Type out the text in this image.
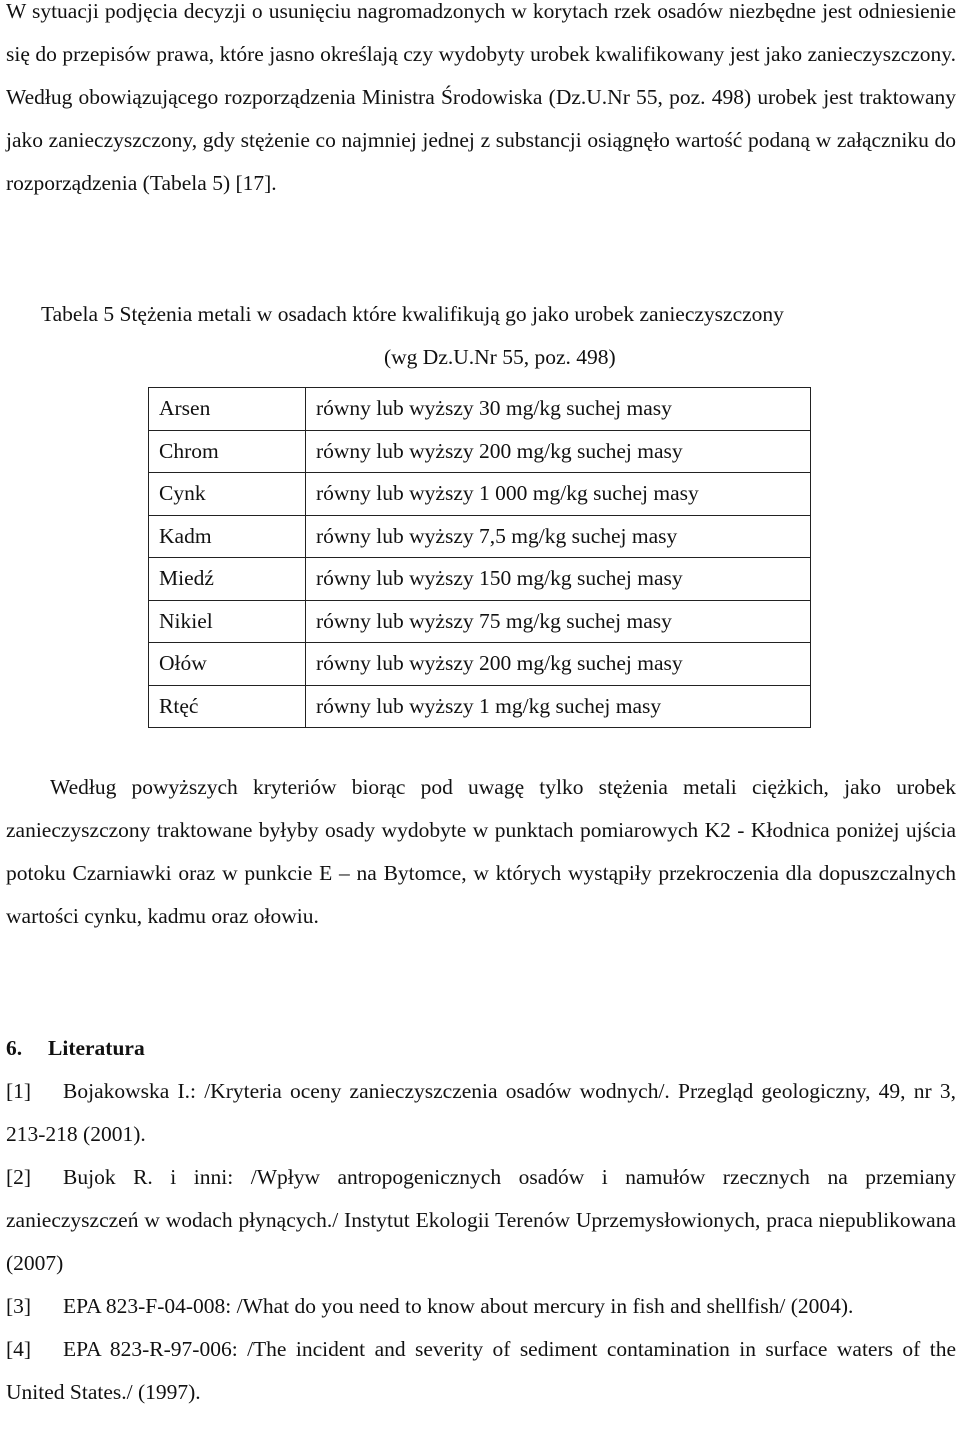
W sytuacji podjęcia decyzji o usunięciu nagromadzonych w korytach rzek osadów niezbędne jest odniesienie się do przepisów prawa, które jasno określają czy wydobyty urobek kwalifikowany jest jako zanieczyszczony. Według obowiązującego rozporządzenia Ministra Środowiska (Dz.U.Nr 55, poz. 498) urobek jest traktowany jako zanieczyszczony, gdy stężenie co najmniej jednej z substancji osiągnęło wartość podaną w załączniku do rozporządzenia (Tabela 5) [17].

Tabela 5 Stężenia metali w osadach które kwalifikują go jako urobek zanieczyszczony
(wg Dz.U.Nr 55, poz. 498)
Arsen	równy lub wyższy 30 mg/kg suchej masy
Chrom	równy lub wyższy 200 mg/kg suchej masy
Cynk	równy lub wyższy 1 000 mg/kg suchej masy
Kadm	równy lub wyższy 7,5 mg/kg suchej masy
Miedź	równy lub wyższy 150 mg/kg suchej masy
Nikiel	równy lub wyższy 75 mg/kg suchej masy
Ołów	równy lub wyższy 200 mg/kg suchej masy
Rtęć	równy lub wyższy 1 mg/kg suchej masy

Według powyższych kryteriów biorąc pod uwagę tylko stężenia metali ciężkich, jako urobek zanieczyszczony traktowane byłyby osady wydobyte w punktach pomiarowych K2 - Kłodnica poniżej ujścia potoku Czarniawki oraz w punkcie E – na Bytomce, w których wystąpiły przekroczenia dla dopuszczalnych wartości cynku, kadmu oraz ołowiu.

6. Literatura
[1] Bojakowska I.: /Kryteria oceny zanieczyszczenia osadów wodnych/. Przegląd geologiczny, 49, nr 3, 213-218 (2001).
[2] Bujok R. i inni: /Wpływ antropogenicznych osadów i namułów rzecznych na przemiany zanieczyszczeń w wodach płynących./ Instytut Ekologii Terenów Uprzemysłowionych, praca niepublikowana (2007)
[3] EPA 823-F-04-008: /What do you need to know about mercury in fish and shellfish/ (2004).
[4] EPA 823-R-97-006: /The incident and severity of sediment contamination in surface waters of the United States./ (1997).
